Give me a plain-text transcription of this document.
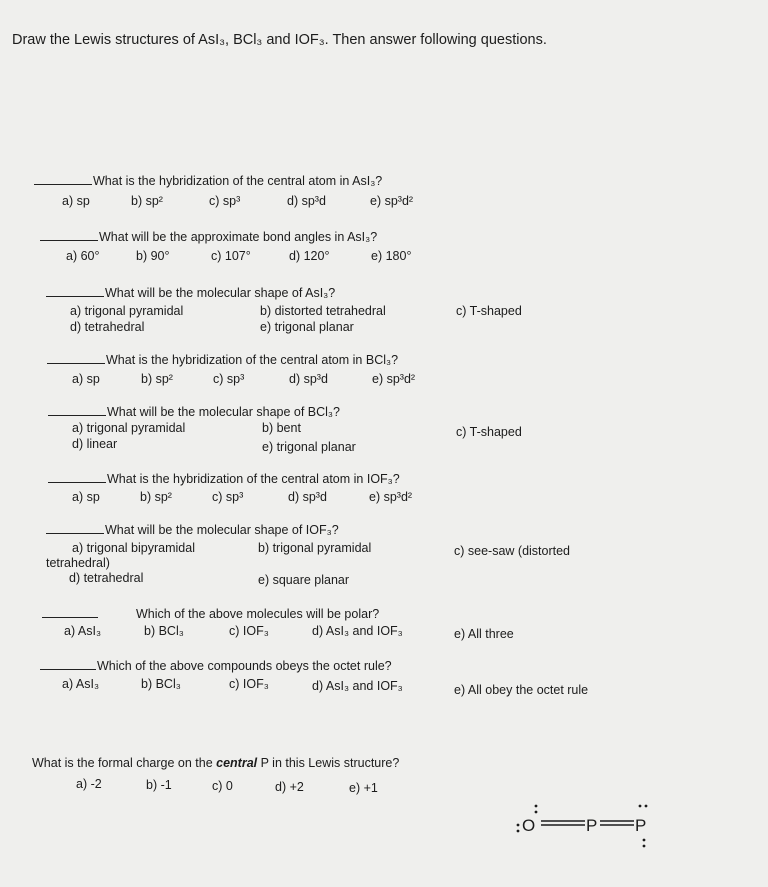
Draw the Lewis structures of AsI₃, BCl₃ and IOF₃. Then answer following questions.
What is the hybridization of the central atom in AsI₃?
a) sp	b) sp²	c) sp³	d) sp³d	e) sp³d²
What will be the approximate bond angles in AsI₃?
a) 60°	b) 90°	c) 107°	d) 120°	e) 180°
What will be the molecular shape of AsI₃?
a) trigonal pyramidal	b) distorted tetrahedral	c) T-shaped
d) tetrahedral	e) trigonal planar
What is the hybridization of the central atom in BCl₃?
a) sp	b) sp²	c) sp³	d) sp³d	e) sp³d²
What will be the molecular shape of BCl₃?
a) trigonal pyramidal	b) bent	c) T-shaped
d) linear	e) trigonal planar
What is the hybridization of the central atom in IOF₃?
a) sp	b) sp²	c) sp³	d) sp³d	e) sp³d²
What will be the molecular shape of IOF₃?
a) trigonal bipyramidal	b) trigonal pyramidal	c) see-saw (distorted
tetrahedral)
d) tetrahedral	e) square planar
Which of the above molecules will be polar?
a) AsI₃	b) BCl₃	c) IOF₃	d) AsI₃ and IOF₃	e) All three
Which of the above compounds obeys the octet rule?
a) AsI₃	b) BCl₃	c) IOF₃	d) AsI₃ and IOF₃	e) All obey the octet rule
What is the formal charge on the central P in this Lewis structure?
a) -2	b) -1	c) 0	d) +2	e) +1
O	P P
